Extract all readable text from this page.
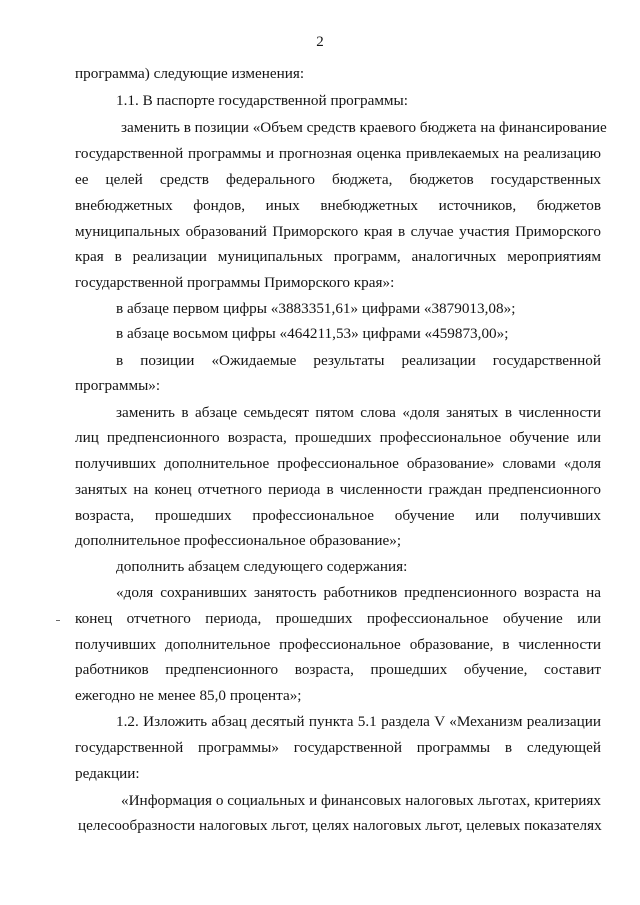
2
программа) следующие изменения:
1.1. В паспорте государственной программы:
заменить в позиции «Объем средств краевого бюджета на финансирование
государственной программы и прогнозная оценка привлекаемых на реализацию
ее целей средств федерального бюджета, бюджетов государственных
внебюджетных фондов, иных внебюджетных источников, бюджетов
муниципальных образований Приморского края в случае участия Приморского
края в реализации муниципальных программ, аналогичных мероприятиям
государственной программы Приморского края»:
в абзаце первом цифры «3883351,61» цифрами «3879013,08»;
в абзаце восьмом цифры «464211,53» цифрами «459873,00»;
в позиции «Ожидаемые результаты реализации государственной
программы»:
заменить в абзаце семьдесят пятом слова «доля занятых в численности
лиц предпенсионного возраста, прошедших профессиональное обучение или
получивших дополнительное профессиональное образование» словами «доля
занятых на конец отчетного периода в численности граждан предпенсионного
возраста, прошедших профессиональное обучение или получивших
дополнительное профессиональное образование»;
дополнить абзацем следующего содержания:
«доля сохранивших занятость работников предпенсионного возраста на
конец отчетного периода, прошедших профессиональное обучение или
получивших дополнительное профессиональное образование, в численности
работников предпенсионного возраста, прошедших обучение, составит
ежегодно не менее 85,0 процента»;
1.2. Изложить абзац десятый пункта 5.1 раздела V «Механизм реализации
государственной программы» государственной программы в следующей
редакции:
«Информация о социальных и финансовых налоговых льготах, критериях
целесообразности налоговых льгот, целях налоговых льгот, целевых показателях
